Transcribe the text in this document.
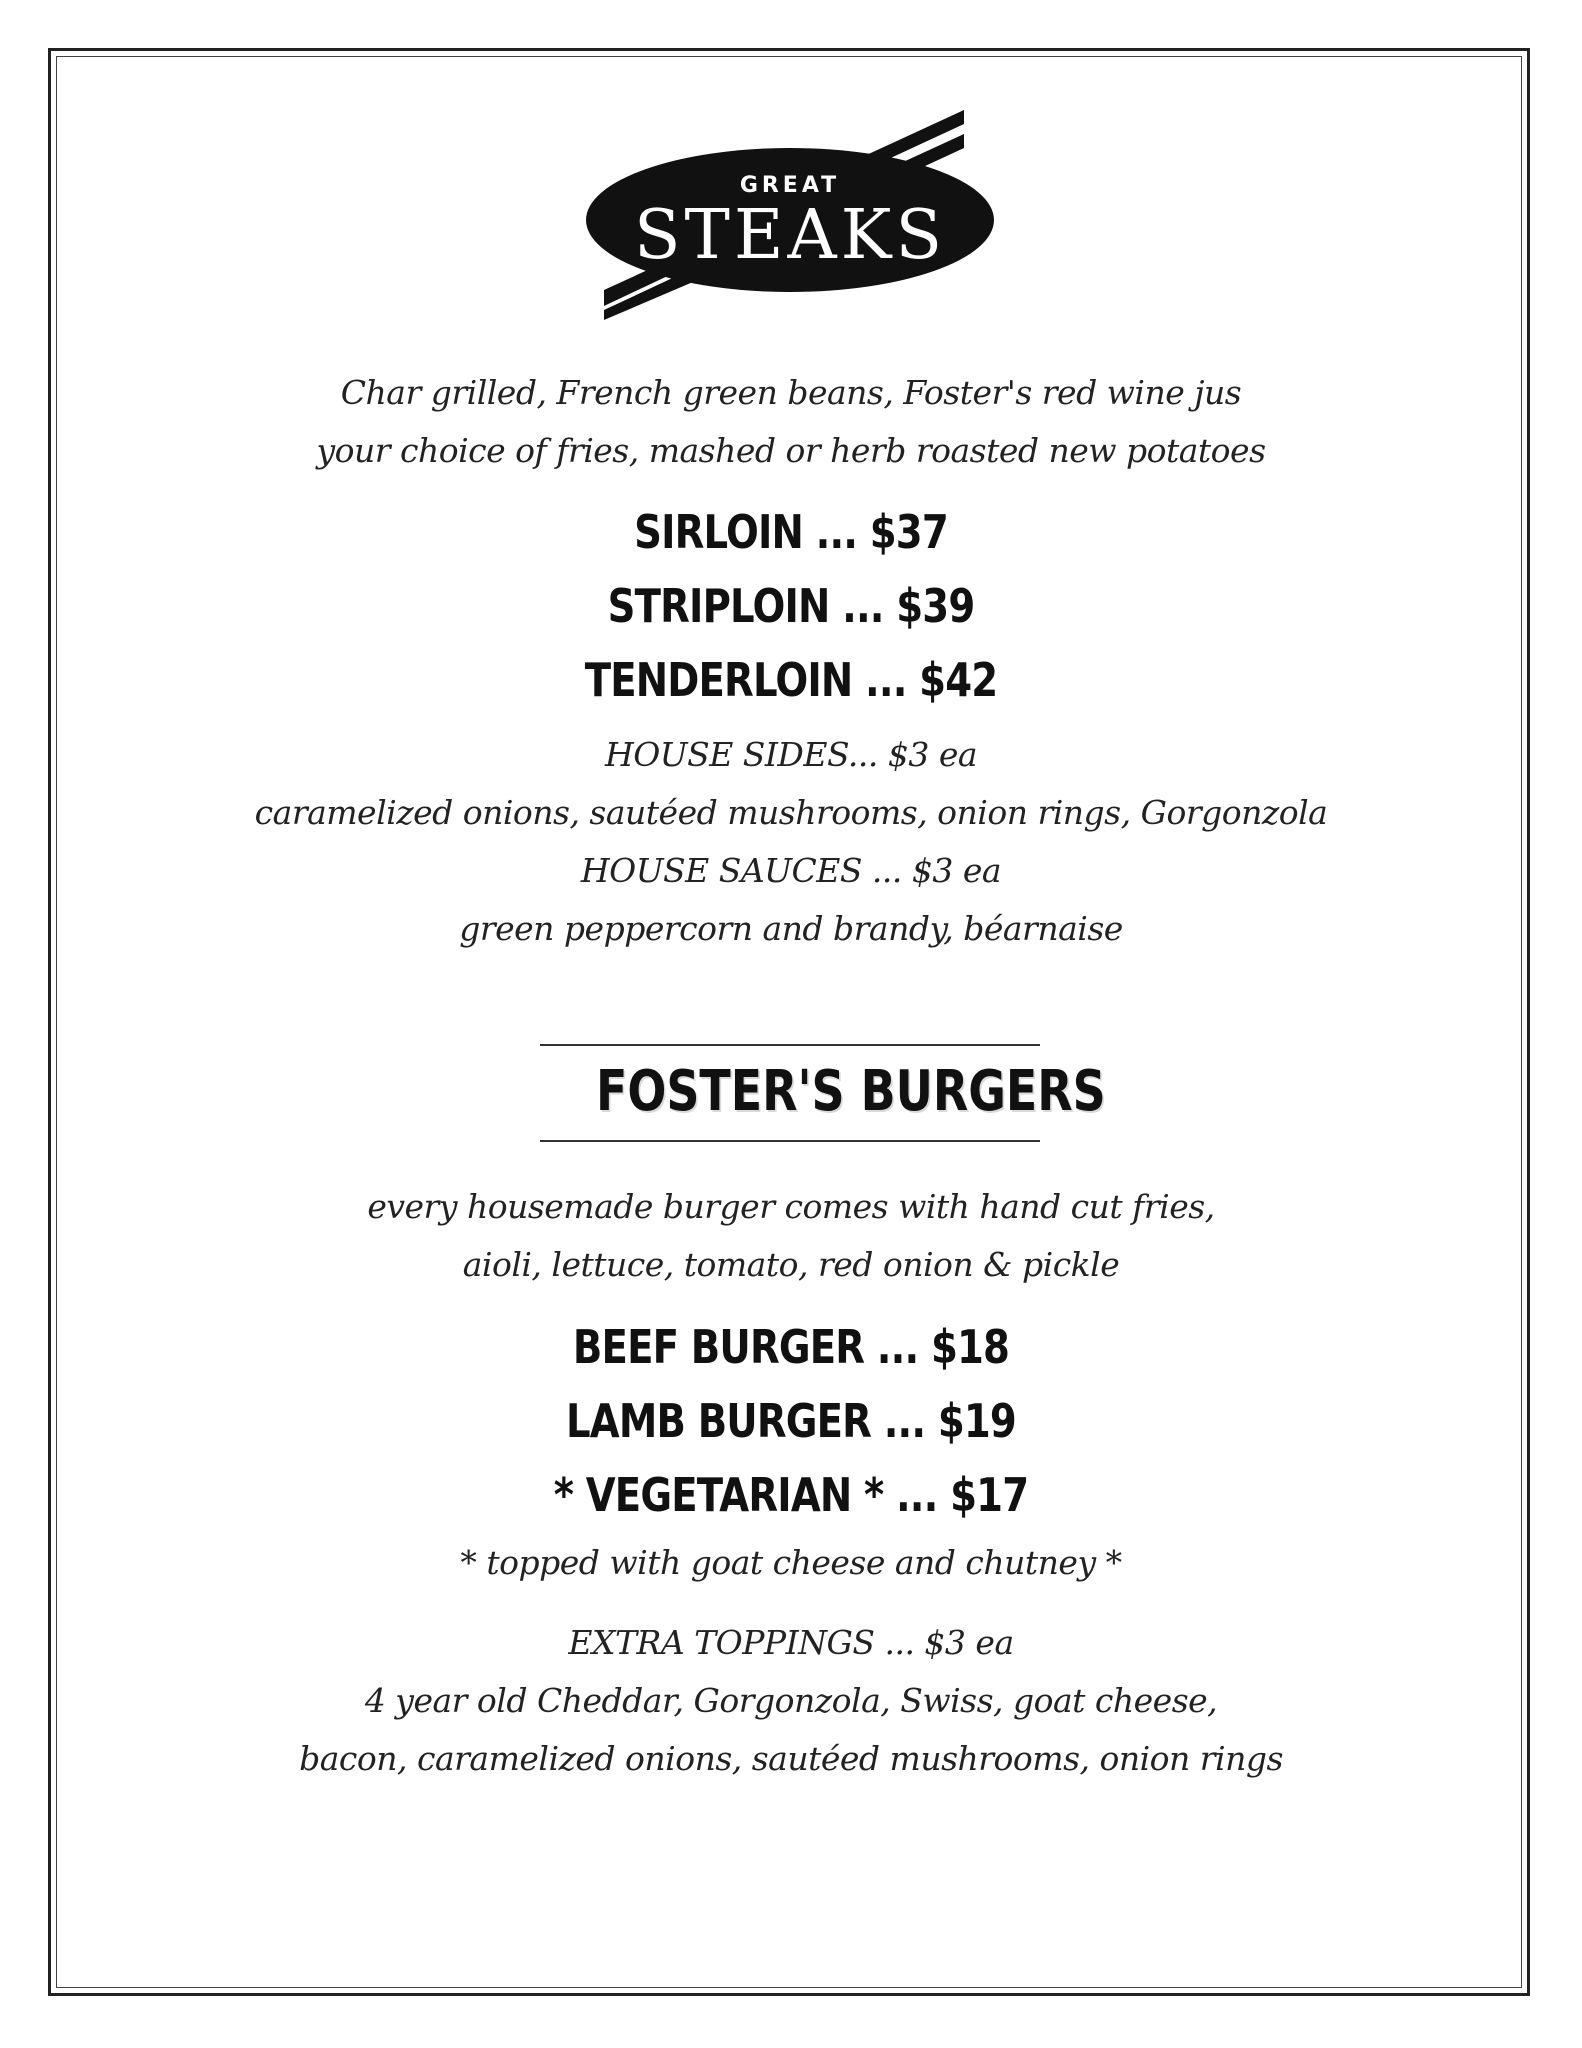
GREAT
STEAKS
Char grilled, French green beans, Foster's red wine jus
your choice of fries, mashed or herb roasted new potatoes
SIRLOIN ... $37
STRIPLOIN ... $39
TENDERLOIN ... $42
HOUSE SIDES... $3 ea
caramelized onions, sautéed mushrooms, onion rings, Gorgonzola
HOUSE SAUCES ... $3 ea
green peppercorn and brandy, béarnaise
FOSTER'S BURGERS
every housemade burger comes with hand cut fries,
aioli, lettuce, tomato, red onion & pickle
BEEF BURGER ... $18
LAMB BURGER ... $19
* VEGETARIAN * ... $17
* topped with goat cheese and chutney *
EXTRA TOPPINGS ... $3 ea
4 year old Cheddar, Gorgonzola, Swiss, goat cheese,
bacon, caramelized onions, sautéed mushrooms, onion rings
